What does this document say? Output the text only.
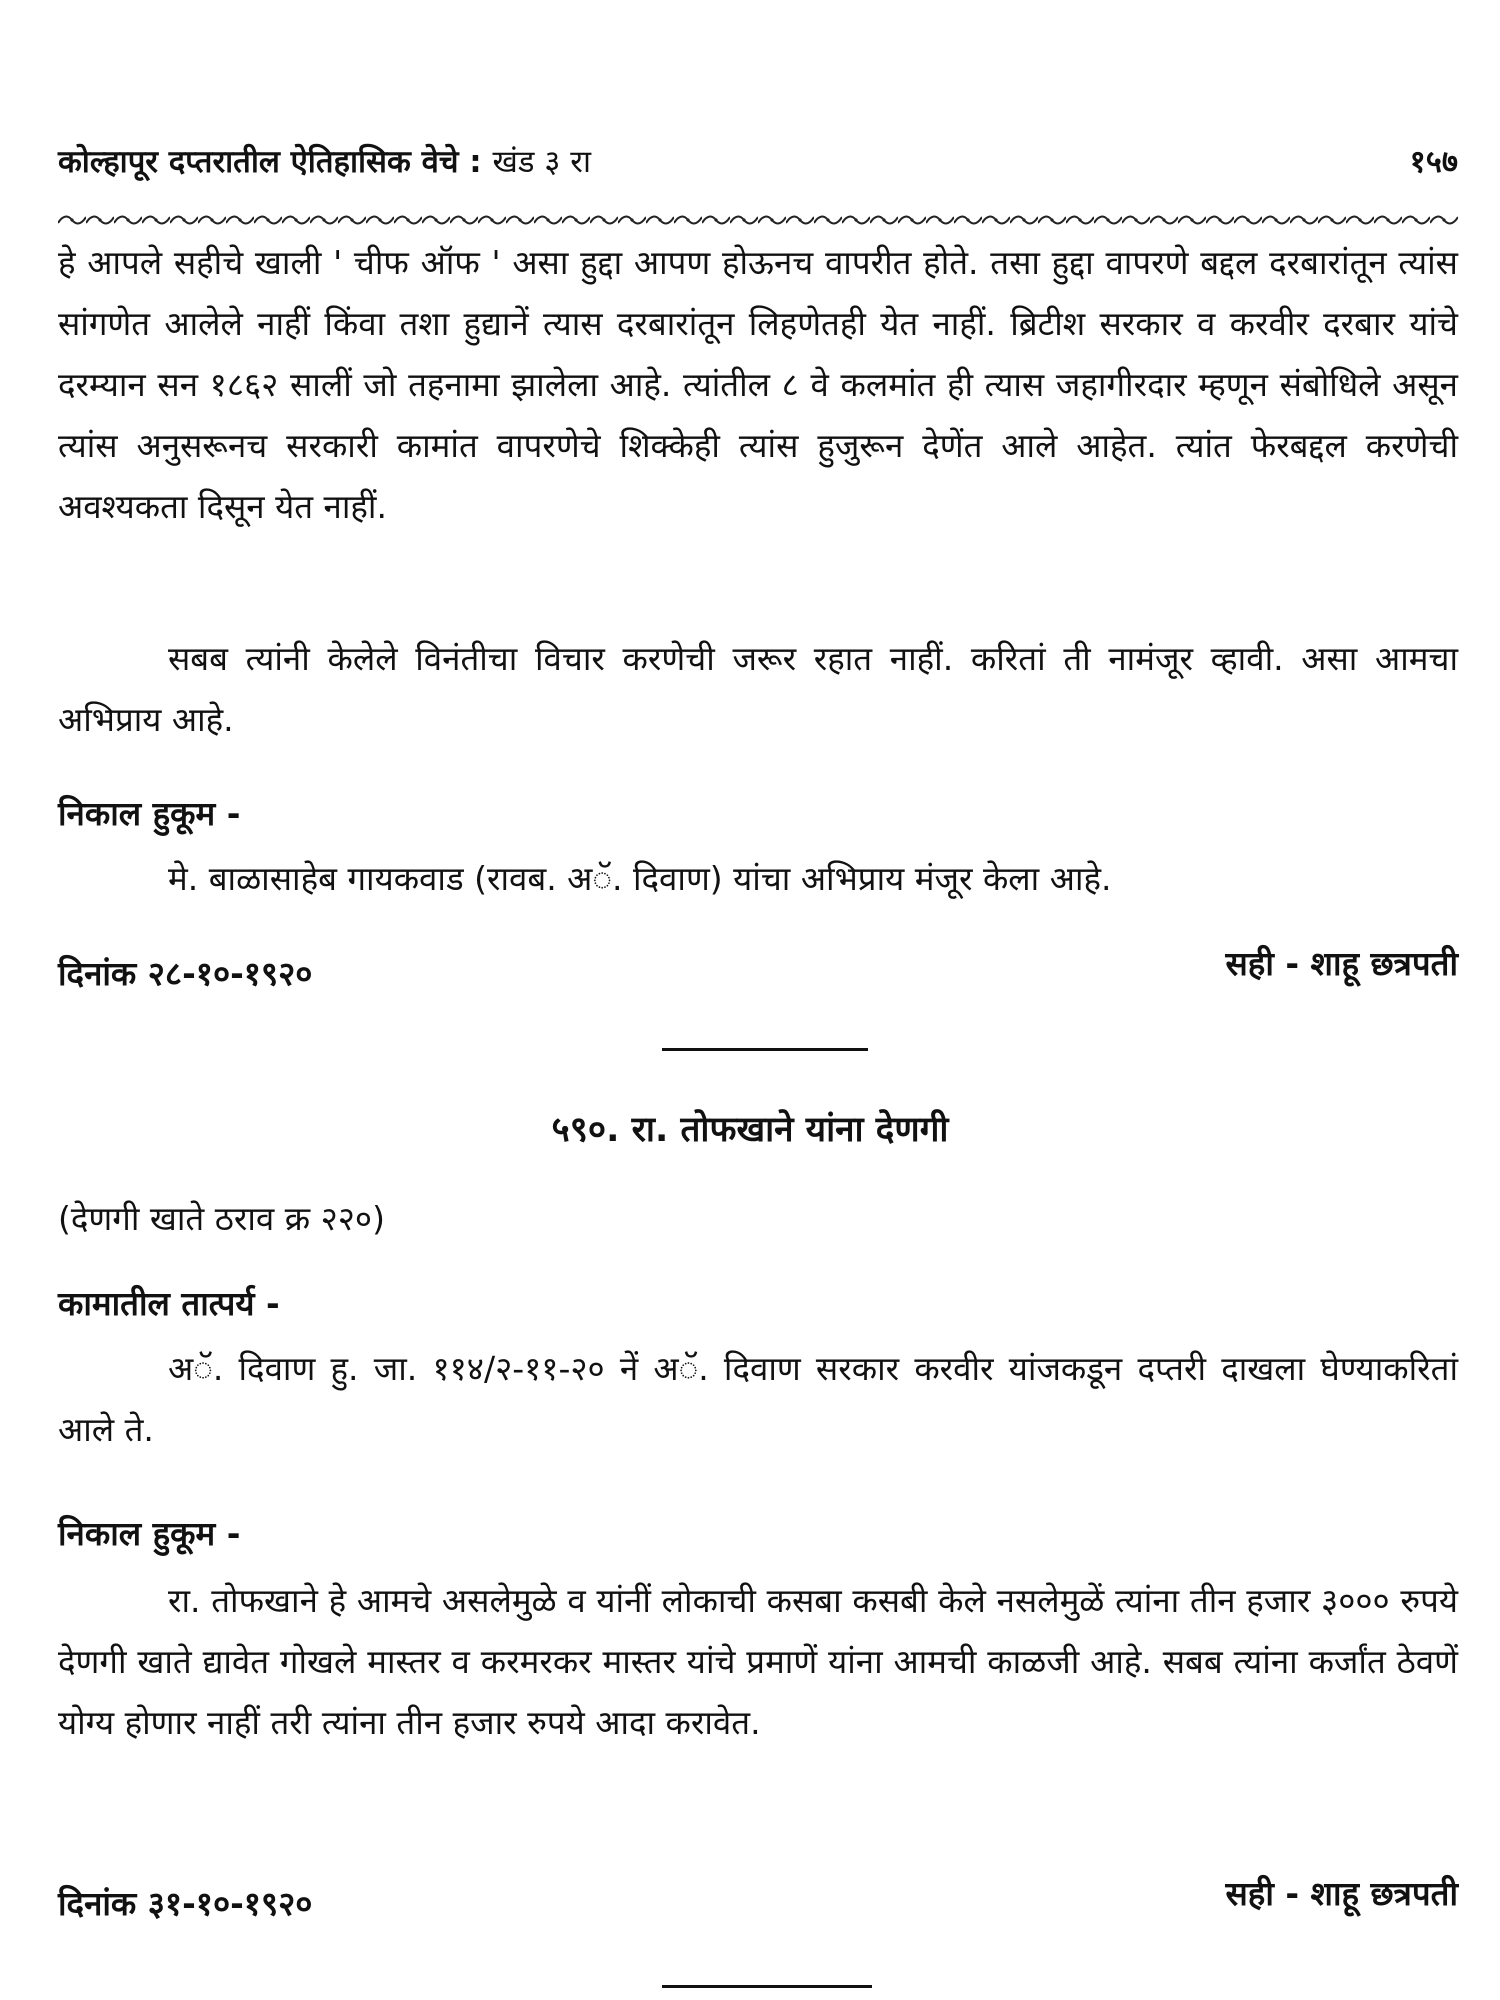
कोल्हापूर दप्तरातील ऐतिहासिक वेचे : खंड ३ रा	१५७

हे आपले सहीचे खाली ' चीफ ऑफ ' असा हुद्दा आपण होऊनच वापरीत होते. तसा हुद्दा वापरणे बद्दल दरबारांतून त्यांस सांगणेत आलेले नाहीं किंवा तशा हुद्यानें त्यास दरबारांतून लिहणेतही येत नाहीं. ब्रिटीश सरकार व करवीर दरबार यांचे दरम्यान सन १८६२ सालीं जो तहनामा झालेला आहे. त्यांतील ८ वे कलमांत ही त्यास जहागीरदार म्हणून संबोधिले असून त्यांस अनुसरूनच सरकारी कामांत वापरणेचे शिक्केही त्यांस हुजुरून देणेंत आले आहेत. त्यांत फेरबद्दल करणेची अवश्यकता दिसून येत नाहीं.

सबब त्यांनी केलेले विनंतीचा विचार करणेची जरूर रहात नाहीं. करितां ती नामंजूर व्हावी. असा आमचा अभिप्राय आहे.

निकाल हुकूम -

मे. बाळासाहेब गायकवाड (रावब. अॅ. दिवाण) यांचा अभिप्राय मंजूर केला आहे.

दिनांक २८-१०-१९२०	सही - शाहू छत्रपती
५९०. रा. तोफखाने यांना देणगी
(देणगी खाते ठराव क्र २२०)
कामातील तात्पर्य -

अॅ. दिवाण हु. जा. ११४/२-११-२० नें अॅ. दिवाण सरकार करवीर यांजकडून दप्तरी दाखला घेण्याकरितां आले ते.

निकाल हुकूम -

रा. तोफखाने हे आमचे असलेमुळे व यांनीं लोकाची कसबा कसबी केले नसलेमुळें त्यांना तीन हजार ३००० रुपये देणगी खाते द्यावेत गोखले मास्तर व करमरकर मास्तर यांचे प्रमाणें यांना आमची काळजी आहे. सबब त्यांना कर्जांत ठेवणें योग्य होणार नाहीं तरी त्यांना तीन हजार रुपये आदा करावेत.

दिनांक ३१-१०-१९२०	सही - शाहू छत्रपती
